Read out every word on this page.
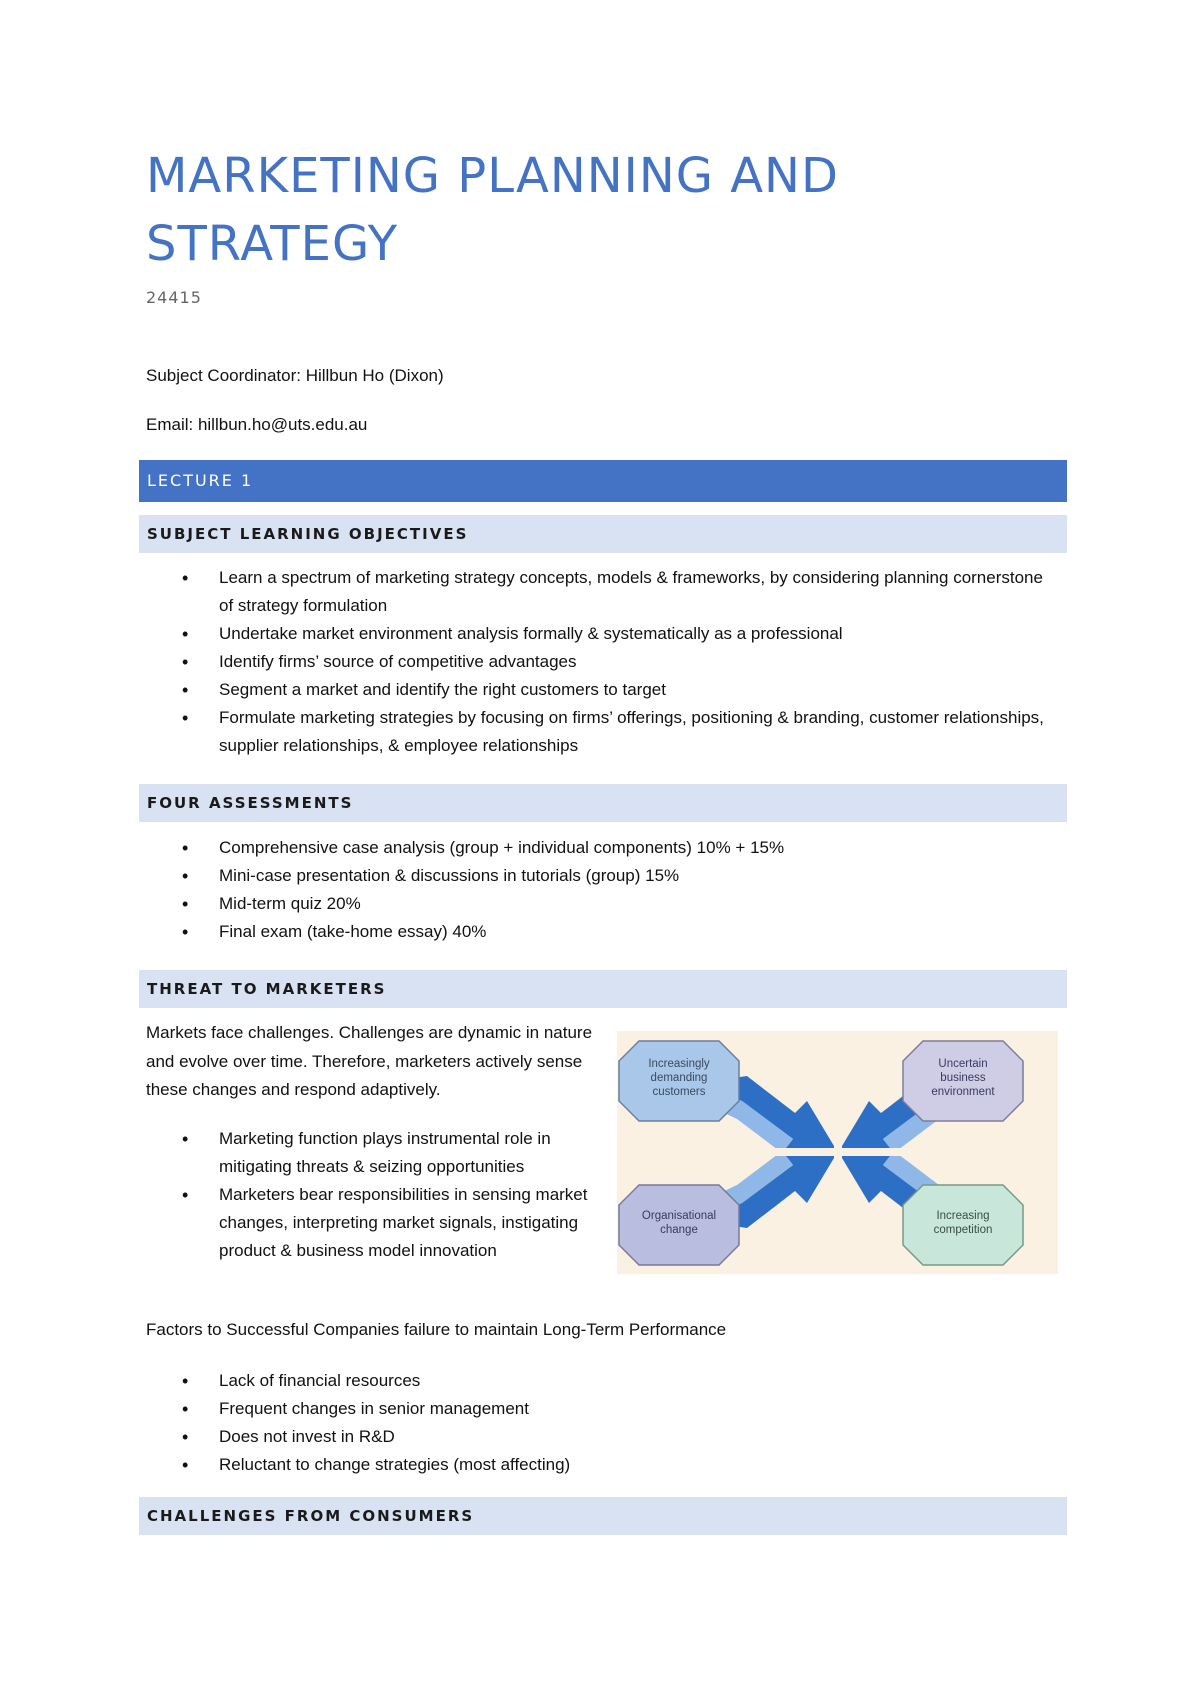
MARKETING PLANNING AND STRATEGY
24415
Subject Coordinator: Hillbun Ho (Dixon)
Email: hillbun.ho@uts.edu.au
LECTURE 1
SUBJECT LEARNING OBJECTIVES
• Learn a spectrum of marketing strategy concepts, models & frameworks, by considering planning cornerstone of strategy formulation
• Undertake market environment analysis formally & systematically as a professional
• Identify firms’ source of competitive advantages
• Segment a market and identify the right customers to target
• Formulate marketing strategies by focusing on firms’ offerings, positioning & branding, customer relationships, supplier relationships, & employee relationships
FOUR ASSESSMENTS
• Comprehensive case analysis (group + individual components) 10% + 15%
• Mini-case presentation & discussions in tutorials (group) 15%
• Mid-term quiz 20%
• Final exam (take-home essay) 40%
THREAT TO MARKETERS

Markets face challenges. Challenges are dynamic in nature and evolve over time. Therefore, marketers actively sense these changes and respond adaptively.

• Marketing function plays instrumental role in mitigating threats & seizing opportunities
• Marketers bear responsibilities in sensing market changes, interpreting market signals, instigating product & business model innovation
Increasingly
demanding
customers
Uncertain
business
environment
Organisational
change
Increasing
competition
Factors to Successful Companies failure to maintain Long-Term Performance
• Lack of financial resources
• Frequent changes in senior management
• Does not invest in R&D
• Reluctant to change strategies (most affecting)
CHALLENGES FROM CONSUMERS
